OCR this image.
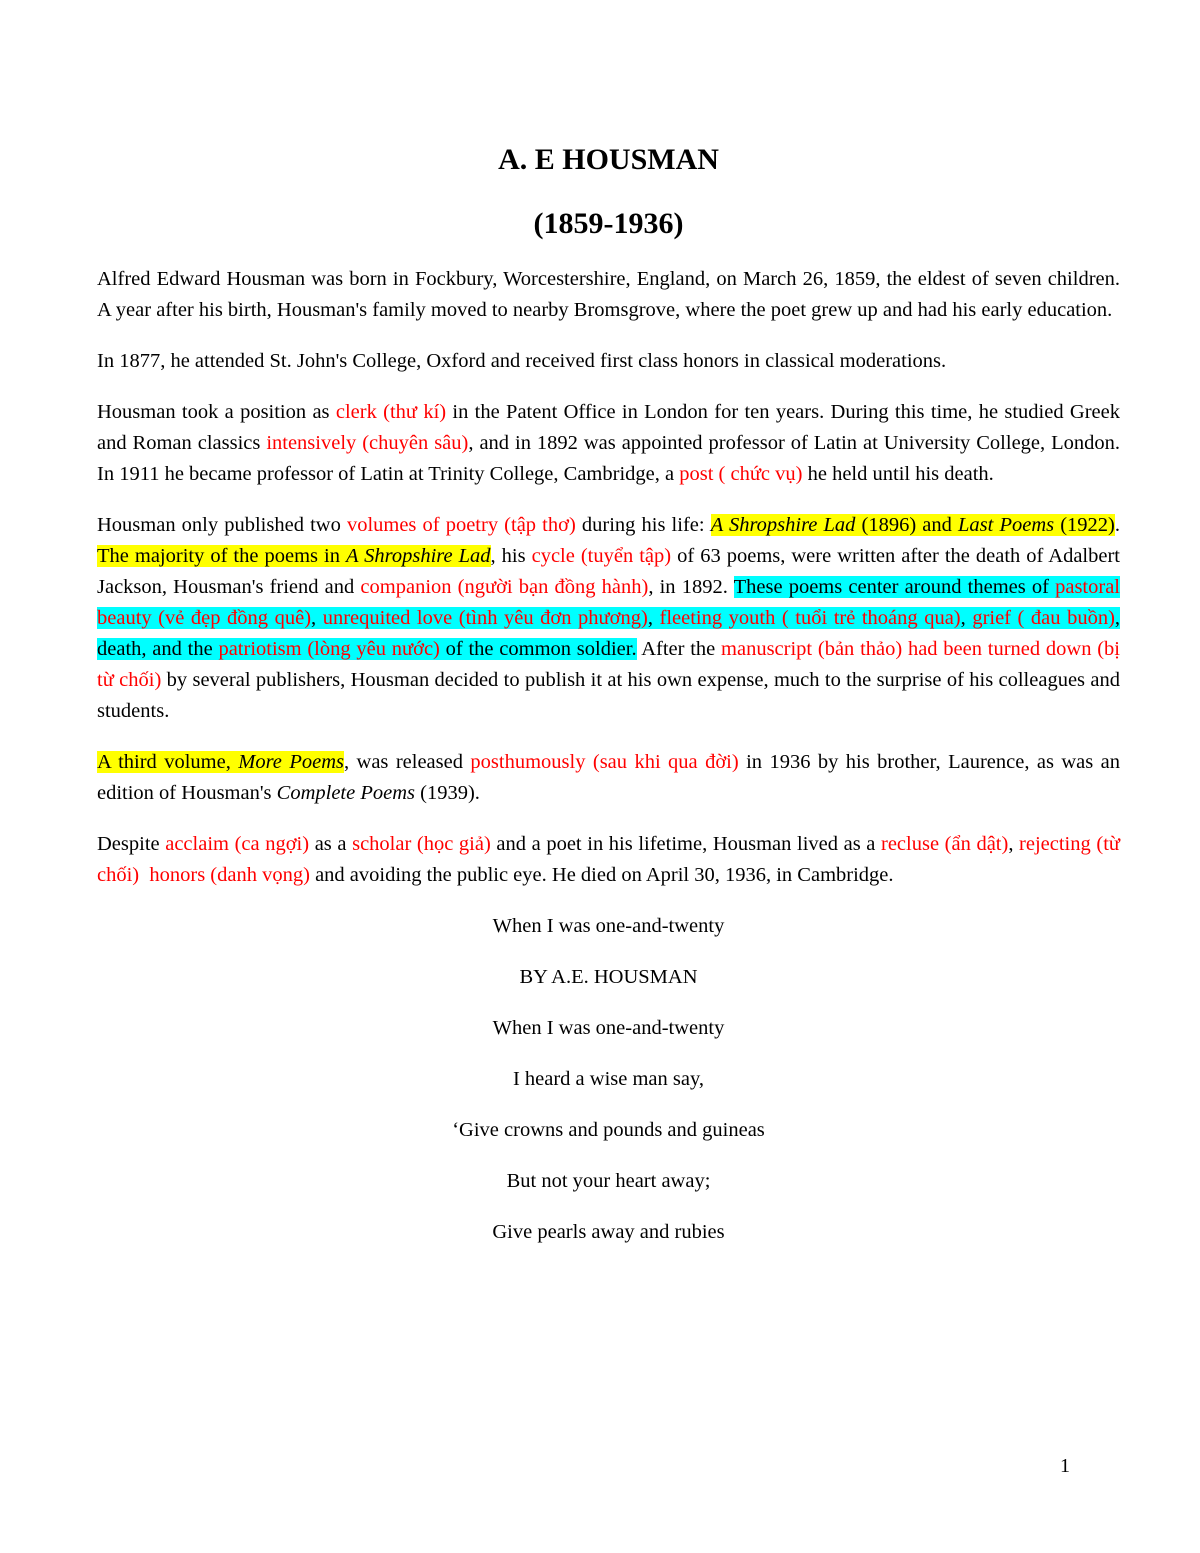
A. E HOUSMAN
(1859-1936)

Alfred Edward Housman was born in Fockbury, Worcestershire, England, on March 26, 1859, the eldest of seven children. A year after his birth, Housman's family moved to nearby Bromsgrove, where the poet grew up and had his early education.

In 1877, he attended St. John's College, Oxford and received first class honors in classical moderations.

Housman took a position as clerk (thư kí) in the Patent Office in London for ten years. During this time, he studied Greek and Roman classics intensively (chuyên sâu), and in 1892 was appointed professor of Latin at University College, London. In 1911 he became professor of Latin at Trinity College, Cambridge, a post ( chức vụ) he held until his death.

Housman only published two volumes of poetry (tập thơ) during his life: A Shropshire Lad (1896) and Last Poems (1922). The majority of the poems in A Shropshire Lad, his cycle (tuyển tập) of 63 poems, were written after the death of Adalbert Jackson, Housman's friend and companion (người bạn đồng hành), in 1892. These poems center around themes of pastoral beauty (vẻ đẹp đồng quê), unrequited love (tình yêu đơn phương), fleeting youth ( tuổi trẻ thoáng qua), grief ( đau buồn), death, and the patriotism (lòng yêu nước) of the common soldier. After the manuscript (bản thảo) had been turned down (bị từ chối) by several publishers, Housman decided to publish it at his own expense, much to the surprise of his colleagues and students.

A third volume, More Poems, was released posthumously (sau khi qua đời) in 1936 by his brother, Laurence, as was an edition of Housman's Complete Poems (1939).

Despite acclaim (ca ngợi) as a scholar (học giả) and a poet in his lifetime, Housman lived as a recluse (ẩn dật), rejecting (từ chối) honors (danh vọng) and avoiding the public eye. He died on April 30, 1936, in Cambridge.

When I was one-and-twenty

BY A.E. HOUSMAN

When I was one-and-twenty

I heard a wise man say,

‘Give crowns and pounds and guineas

But not your heart away;

Give pearls away and rubies

1
